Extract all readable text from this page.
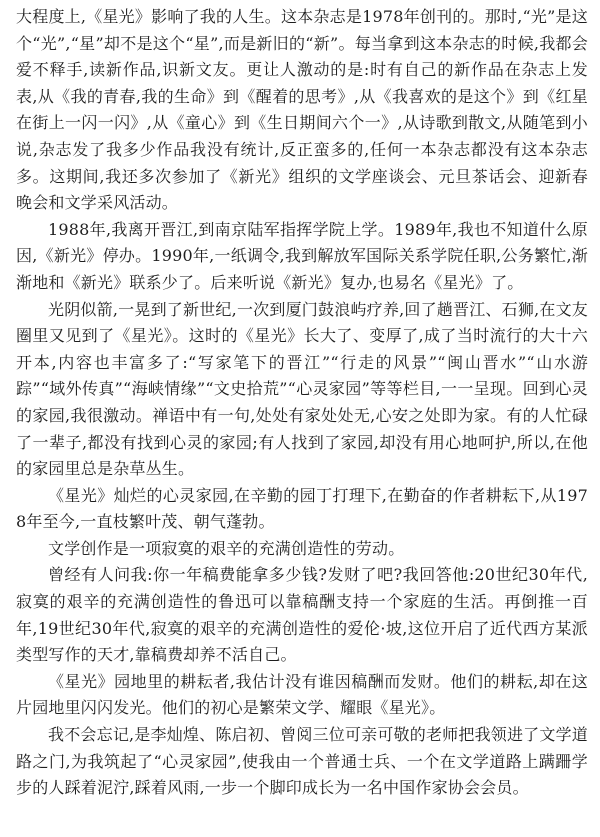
大程度上,《星光》影响了我的人生。这本杂志是1978年创刊的。那时,“光”是这个“光”,“星”却不是这个“星”,而是新旧的“新”。每当拿到这本杂志的时候,我都会爱不释手,读新作品,识新文友。更让人激动的是:时有自己的新作品在杂志上发表,从《我的青春,我的生命》到《醒着的思考》,从《我喜欢的是这个》到《红星在街上一闪一闪》,从《童心》到《生日期间六个一》,从诗歌到散文,从随笔到小说,杂志发了我多少作品我没有统计,反正蛮多的,任何一本杂志都没有这本杂志多。这期间,我还多次参加了《新光》组织的文学座谈会、元旦茶话会、迎新春晚会和文学采风活动。

1988年,我离开晋江,到南京陆军指挥学院上学。1989年,我也不知道什么原因,《新光》停办。1990年,一纸调令,我到解放军国际关系学院任职,公务繁忙,渐渐地和《新光》联系少了。后来听说《新光》复办,也易名《星光》了。

光阴似箭,一晃到了新世纪,一次到厦门鼓浪屿疗养,回了趟晋江、石狮,在文友圈里又见到了《星光》。这时的《星光》长大了、变厚了,成了当时流行的大十六开本,内容也丰富多了:“写家笔下的晋江”“行走的风景”“闽山晋水”“山水游踪”“域外传真”“海峡情缘”“文史拾荒”“心灵家园”等等栏目,一一呈现。回到心灵的家园,我很激动。禅语中有一句,处处有家处处无,心安之处即为家。有的人忙碌了一辈子,都没有找到心灵的家园;有人找到了家园,却没有用心地呵护,所以,在他的家园里总是杂草丛生。

《星光》灿烂的心灵家园,在辛勤的园丁打理下,在勤奋的作者耕耘下,从1978年至今,一直枝繁叶茂、朝气蓬勃。

文学创作是一项寂寞的艰辛的充满创造性的劳动。

曾经有人问我:你一年稿费能拿多少钱?发财了吧?我回答他:20世纪30年代,寂寞的艰辛的充满创造性的鲁迅可以靠稿酬支持一个家庭的生活。再倒推一百年,19世纪30年代,寂寞的艰辛的充满创造性的爱伦·坡,这位开启了近代西方某派类型写作的天才,靠稿费却养不活自己。

《星光》园地里的耕耘者,我估计没有谁因稿酬而发财。他们的耕耘,却在这片园地里闪闪发光。他们的初心是繁荣文学、耀眼《星光》。

我不会忘记,是李灿煌、陈启初、曾阅三位可亲可敬的老师把我领进了文学道路之门,为我筑起了“心灵家园”,使我由一个普通士兵、一个在文学道路上蹒跚学步的人踩着泥泞,踩着风雨,一步一个脚印成长为一名中国作家协会会员。
